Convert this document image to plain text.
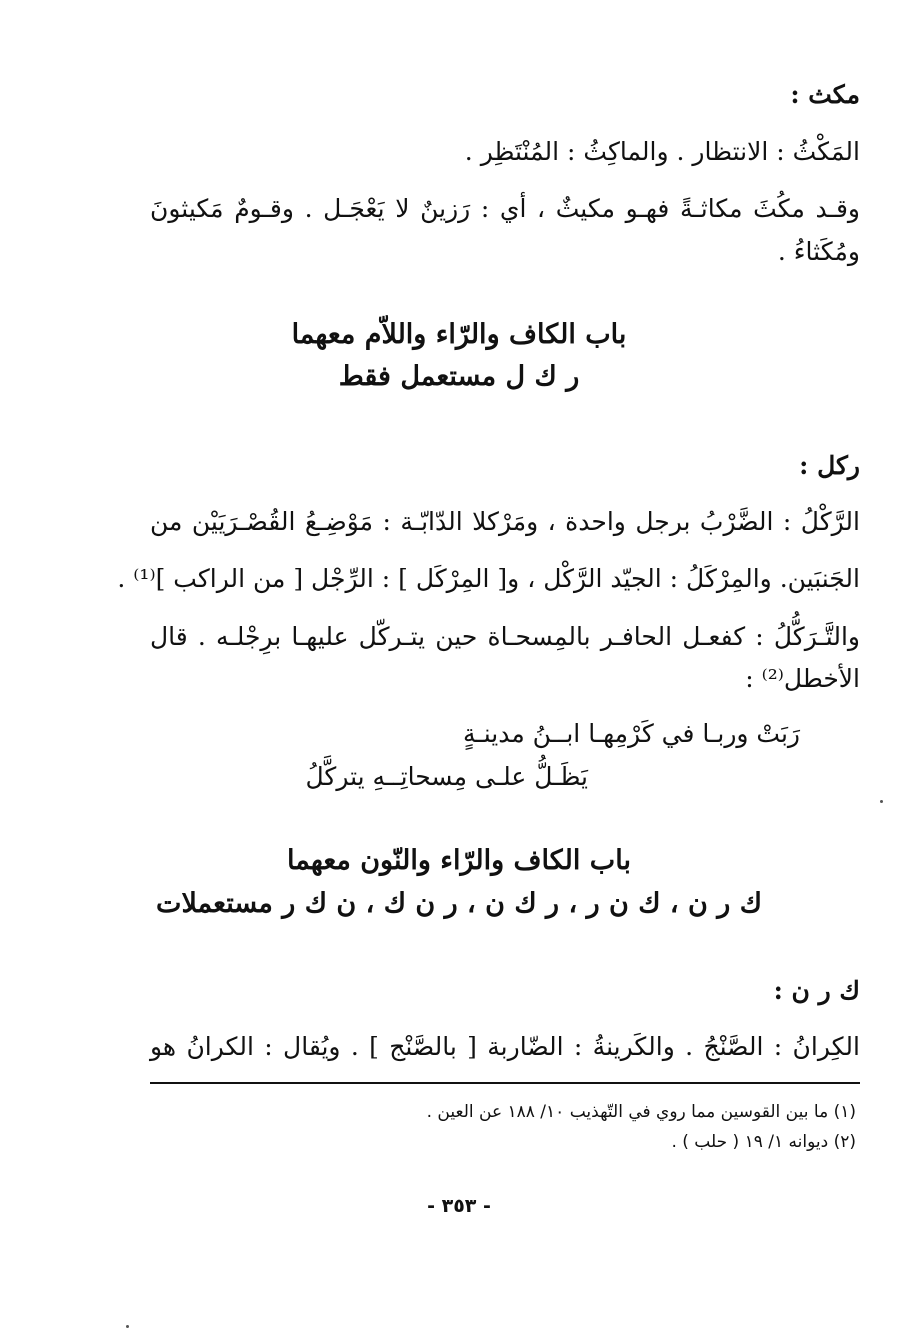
مكث :
المَكْثُ : الانتظار . والماكِثُ : المُنْتَظِر .
وقـد مكُثَ مكاثـةً فهـو مكيثٌ ، أي : رَزينٌ لا يَعْجَـل . وقـومٌ مَكيثونَ
ومُكَثاءُ .
باب الكاف والرّاء واللاّم معهما
ر ك ل مستعمل فقط
ركل :
الرَّكْلُ : الضَّرْبُ برجل واحدة ، ومَرْكلا الدّابّـة : مَوْضِـعُ القُصْـرَيَيْن من
الجَنبَين. والمِرْكَلُ : الجيّد الرَّكْل ، و[ المِرْكَل ] : الرِّجْل [ من الراكب ]⁽¹⁾ .
والتَّـرَكُّلُ : كفعـل الحافـر بالمِسحـاة حين يتـركّل عليهـا برِجْلـه . قال
الأخطل⁽²⁾ :
رَبَتْ وربـا في كَرْمِهـا ابــنُ مدينـةٍ
يَظَـلُّ علـى مِسحاتِــهِ يتركَّلُ
باب الكاف والرّاء والنّون معهما
ك ر ن ، ك ن ر ، ر ك ن ، ر ن ك ، ن ك ر مستعملات
ك ر ن :
الكِرانُ : الصَّنْجُ . والكَرينةُ : الضّاربة [ بالصَّنْج ] . ويُقال : الكرانُ هو
(١) ما بين القوسين مما روي في التّهذيب ١٠/ ١٨٨ عن العين .
(٢) ديوانه ١/ ١٩ ( حلب ) .
- ٣٥٣ -
